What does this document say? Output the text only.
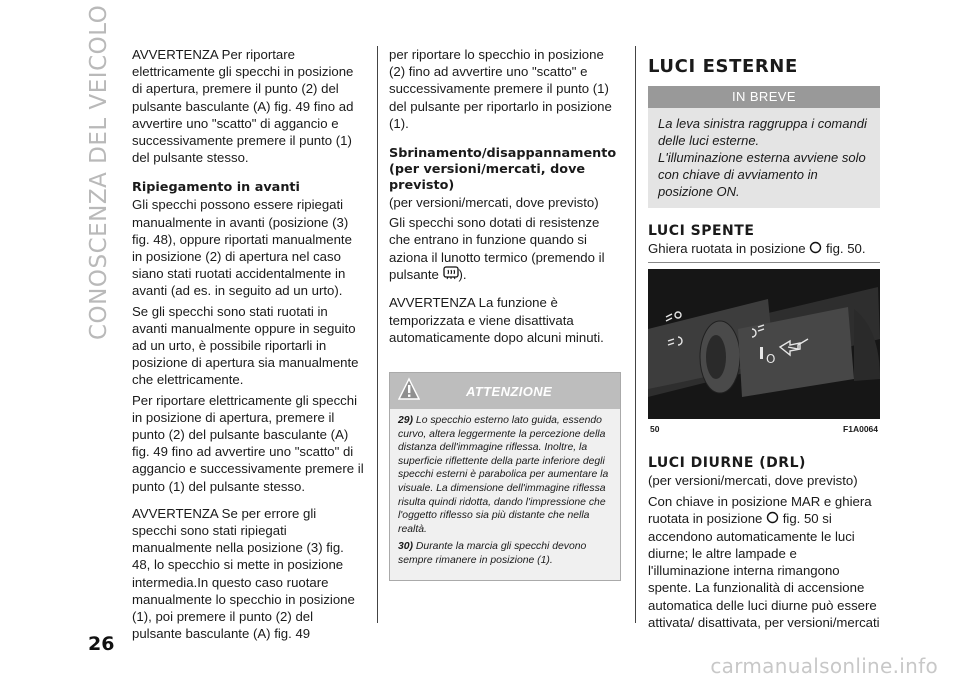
CONOSCENZA DEL VEICOLO
26

AVVERTENZA Per riportare elettricamente gli specchi in posizione di apertura, premere il punto (2) del pulsante basculante (A) fig. 49 fino ad avvertire uno "scatto" di aggancio e successivamente premere il punto (1) del pulsante stesso.

Ripiegamento in avanti

Gli specchi possono essere ripiegati manualmente in avanti (posizione (3) fig. 48), oppure riportati manualmente in posizione (2) di apertura nel caso siano stati ruotati accidentalmente in avanti (ad es. in seguito ad un urto).

Se gli specchi sono stati ruotati in avanti manualmente oppure in seguito ad un urto, è possibile riportarli in posizione di apertura sia manualmente che elettricamente.

Per riportare elettricamente gli specchi in posizione di apertura, premere il punto (2) del pulsante basculante (A) fig. 49 fino ad avvertire uno "scatto" di aggancio e successivamente premere il punto (1) del pulsante stesso.

AVVERTENZA Se per errore gli specchi sono stati ripiegati manualmente nella posizione (3) fig. 48, lo specchio si mette in posizione intermedia.In questo caso ruotare manualmente lo specchio in posizione (1), poi premere il punto (2) del pulsante basculante (A) fig. 49

per riportare lo specchio in posizione (2) fino ad avvertire uno "scatto" e successivamente premere il punto (1) del pulsante per riportarlo in posizione (1).

Sbrinamento/disappannamento (per versioni/mercati, dove previsto)

(per versioni/mercati, dove previsto)

Gli specchi sono dotati di resistenze che entrano in funzione quando si aziona il lunotto termico (premendo il pulsante ).

AVVERTENZA La funzione è temporizzata e viene disattivata automaticamente dopo alcuni minuti.

ATTENZIONE
29) Lo specchio esterno lato guida, essendo curvo, altera leggermente la percezione della distanza dell'immagine riflessa. Inoltre, la superficie riflettente della parte inferiore degli specchi esterni è parabolica per aumentare la visuale. La dimensione dell'immagine riflessa risulta quindi ridotta, dando l'impressione che l'oggetto riflesso sia più distante che nella realtà.
30) Durante la marcia gli specchi devono sempre rimanere in posizione (1).
LUCI ESTERNE
IN BREVE
La leva sinistra raggruppa i comandi delle luci esterne.
L'illuminazione esterna avviene solo con chiave di avviamento in posizione ON.
LUCI SPENTE
Ghiera ruotata in posizione fig. 50.
O
50	F1A0064
LUCI DIURNE (DRL)

(per versioni/mercati, dove previsto)

Con chiave in posizione MAR e ghiera ruotata in posizione fig. 50 si accendono automaticamente le luci diurne; le altre lampade e l'illuminazione interna rimangono spente. La funzionalità di accensione automatica delle luci diurne può essere attivata/ disattivata, per versioni/mercati

carmanualsonline.info
